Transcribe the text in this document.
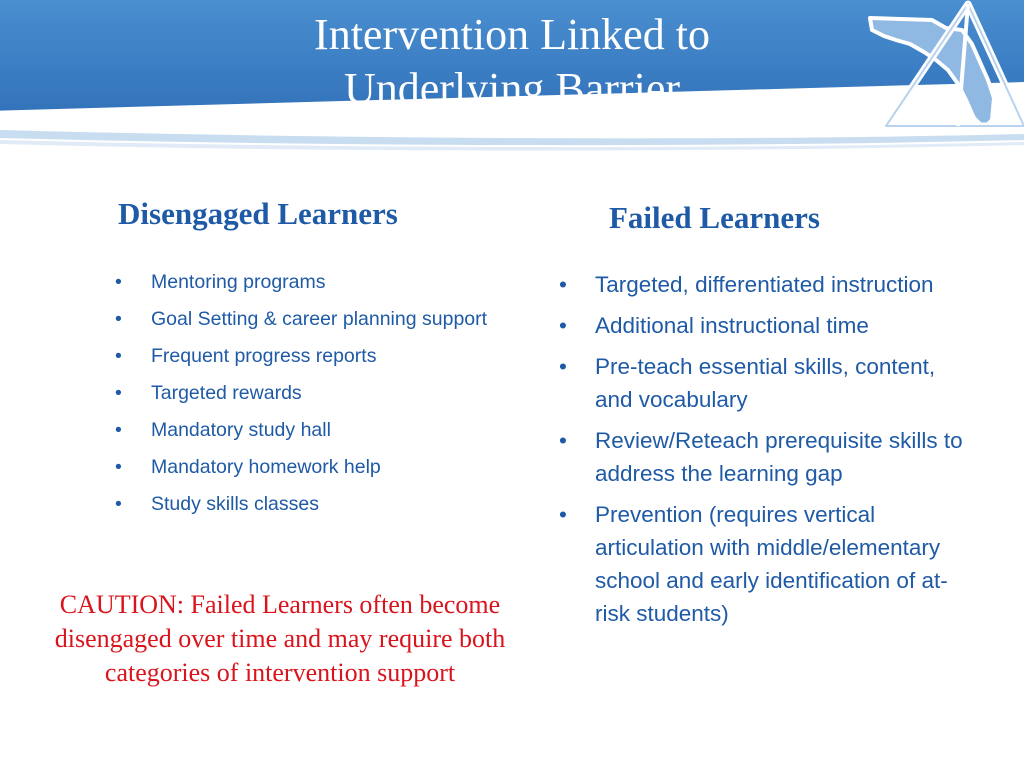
Intervention Linked to
Underlying Barrier
Disengaged Learners	Failed Learners
• Mentoring programs
• Goal Setting & career planning support
• Frequent progress reports
• Targeted rewards
• Mandatory study hall
• Mandatory homework help
• Study skills classes
CAUTION: Failed Learners often become disengaged over time and may require both categories of intervention support
• Targeted, differentiated instruction
• Additional instructional time
• Pre-teach essential skills, content, and vocabulary
• Review/Reteach prerequisite skills to address the learning gap
• Prevention (requires vertical articulation with middle/elementary school and early identification of at-risk students)
